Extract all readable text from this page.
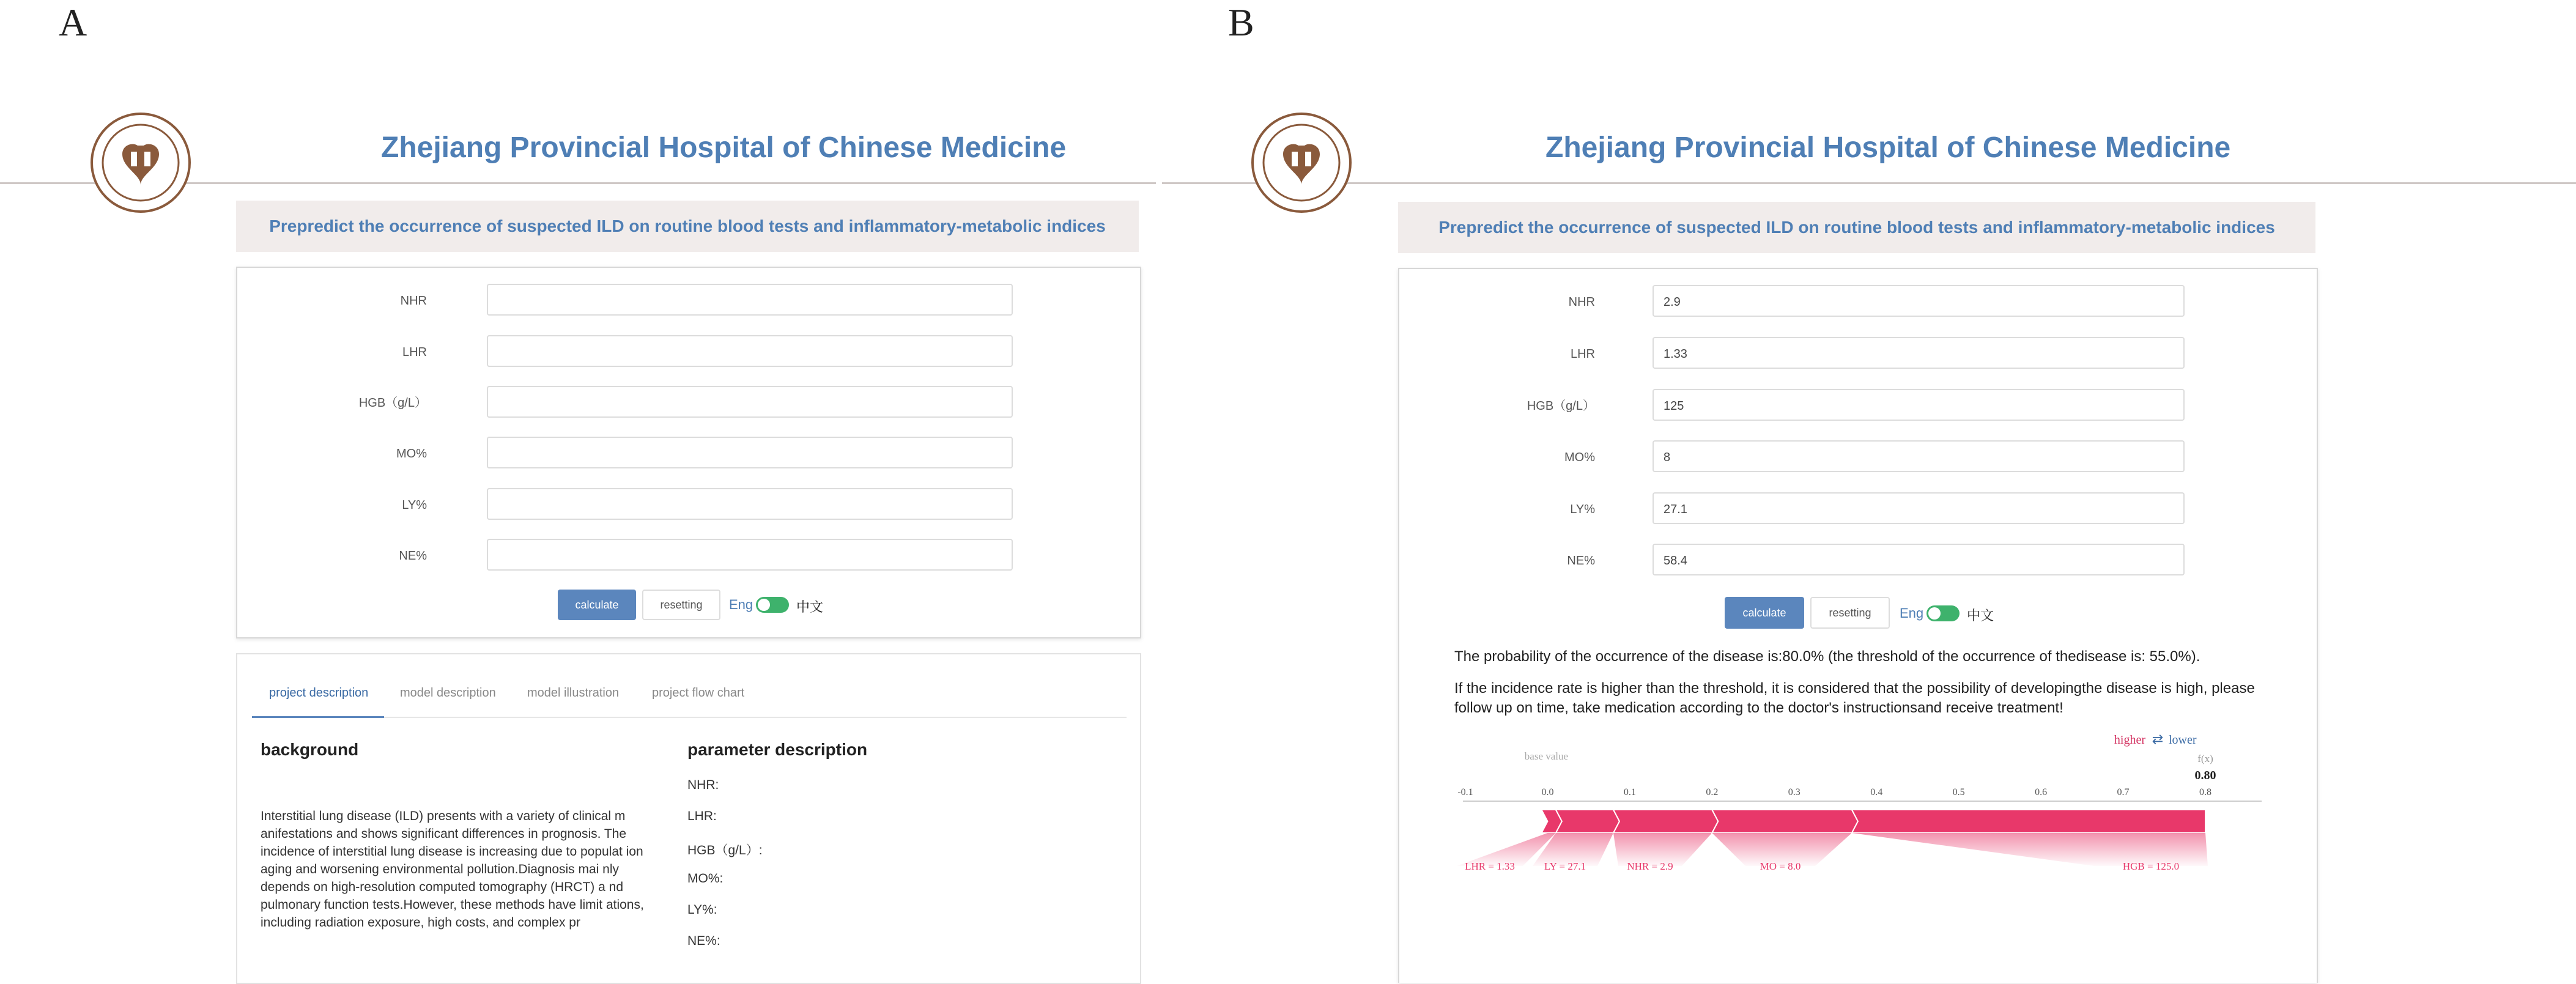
A	B
Zhejiang Provincial Hospital of Chinese Medicine
Prepredict the occurrence of suspected ILD on routine blood tests and inflammatory-metabolic indices
NHR
LHR
HGB（g/L）
MO%
LY%
NE%
calculate	resetting	Eng	中文
project description	model description	model illustration	project flow chart
background
Interstitial lung disease (ILD) presents with a variety of clinical m anifestations and shows significant differences in prognosis. The incidence of interstitial lung disease is increasing due to populat ion aging and worsening environmental pollution.Diagnosis mai nly depends on high-resolution computed tomography (HRCT) a nd pulmonary function tests.However, these methods have limit ations, including radiation exposure, high costs, and complex pr
parameter description
NHR:
LHR:
HGB（g/L）:
MO%:
LY%:
NE%:
Zhejiang Provincial Hospital of Chinese Medicine
Prepredict the occurrence of suspected ILD on routine blood tests and inflammatory-metabolic indices
NHR	2.9
LHR	1.33
HGB（g/L）	125
MO%	8
LY%	27.1
NE%	58.4
calculate	resetting	Eng	中文
The probability of the occurrence of the disease is:80.0% (the threshold of the occurrence of thedisease is: 55.0%).
If the incidence rate is higher than the threshold, it is considered that the possibility of developingthe disease is high, please follow up on time, take medication according to the doctor's instructionsand receive treatment!
higher ⇄ lower
f(x)
0.80
base value
-0.1	0.0	0.1	0.2	0.3	0.4	0.5	0.6	0.7	0.8
LHR = 1.33	LY = 27.1	NHR = 2.9	MO = 8.0	HGB = 125.0
